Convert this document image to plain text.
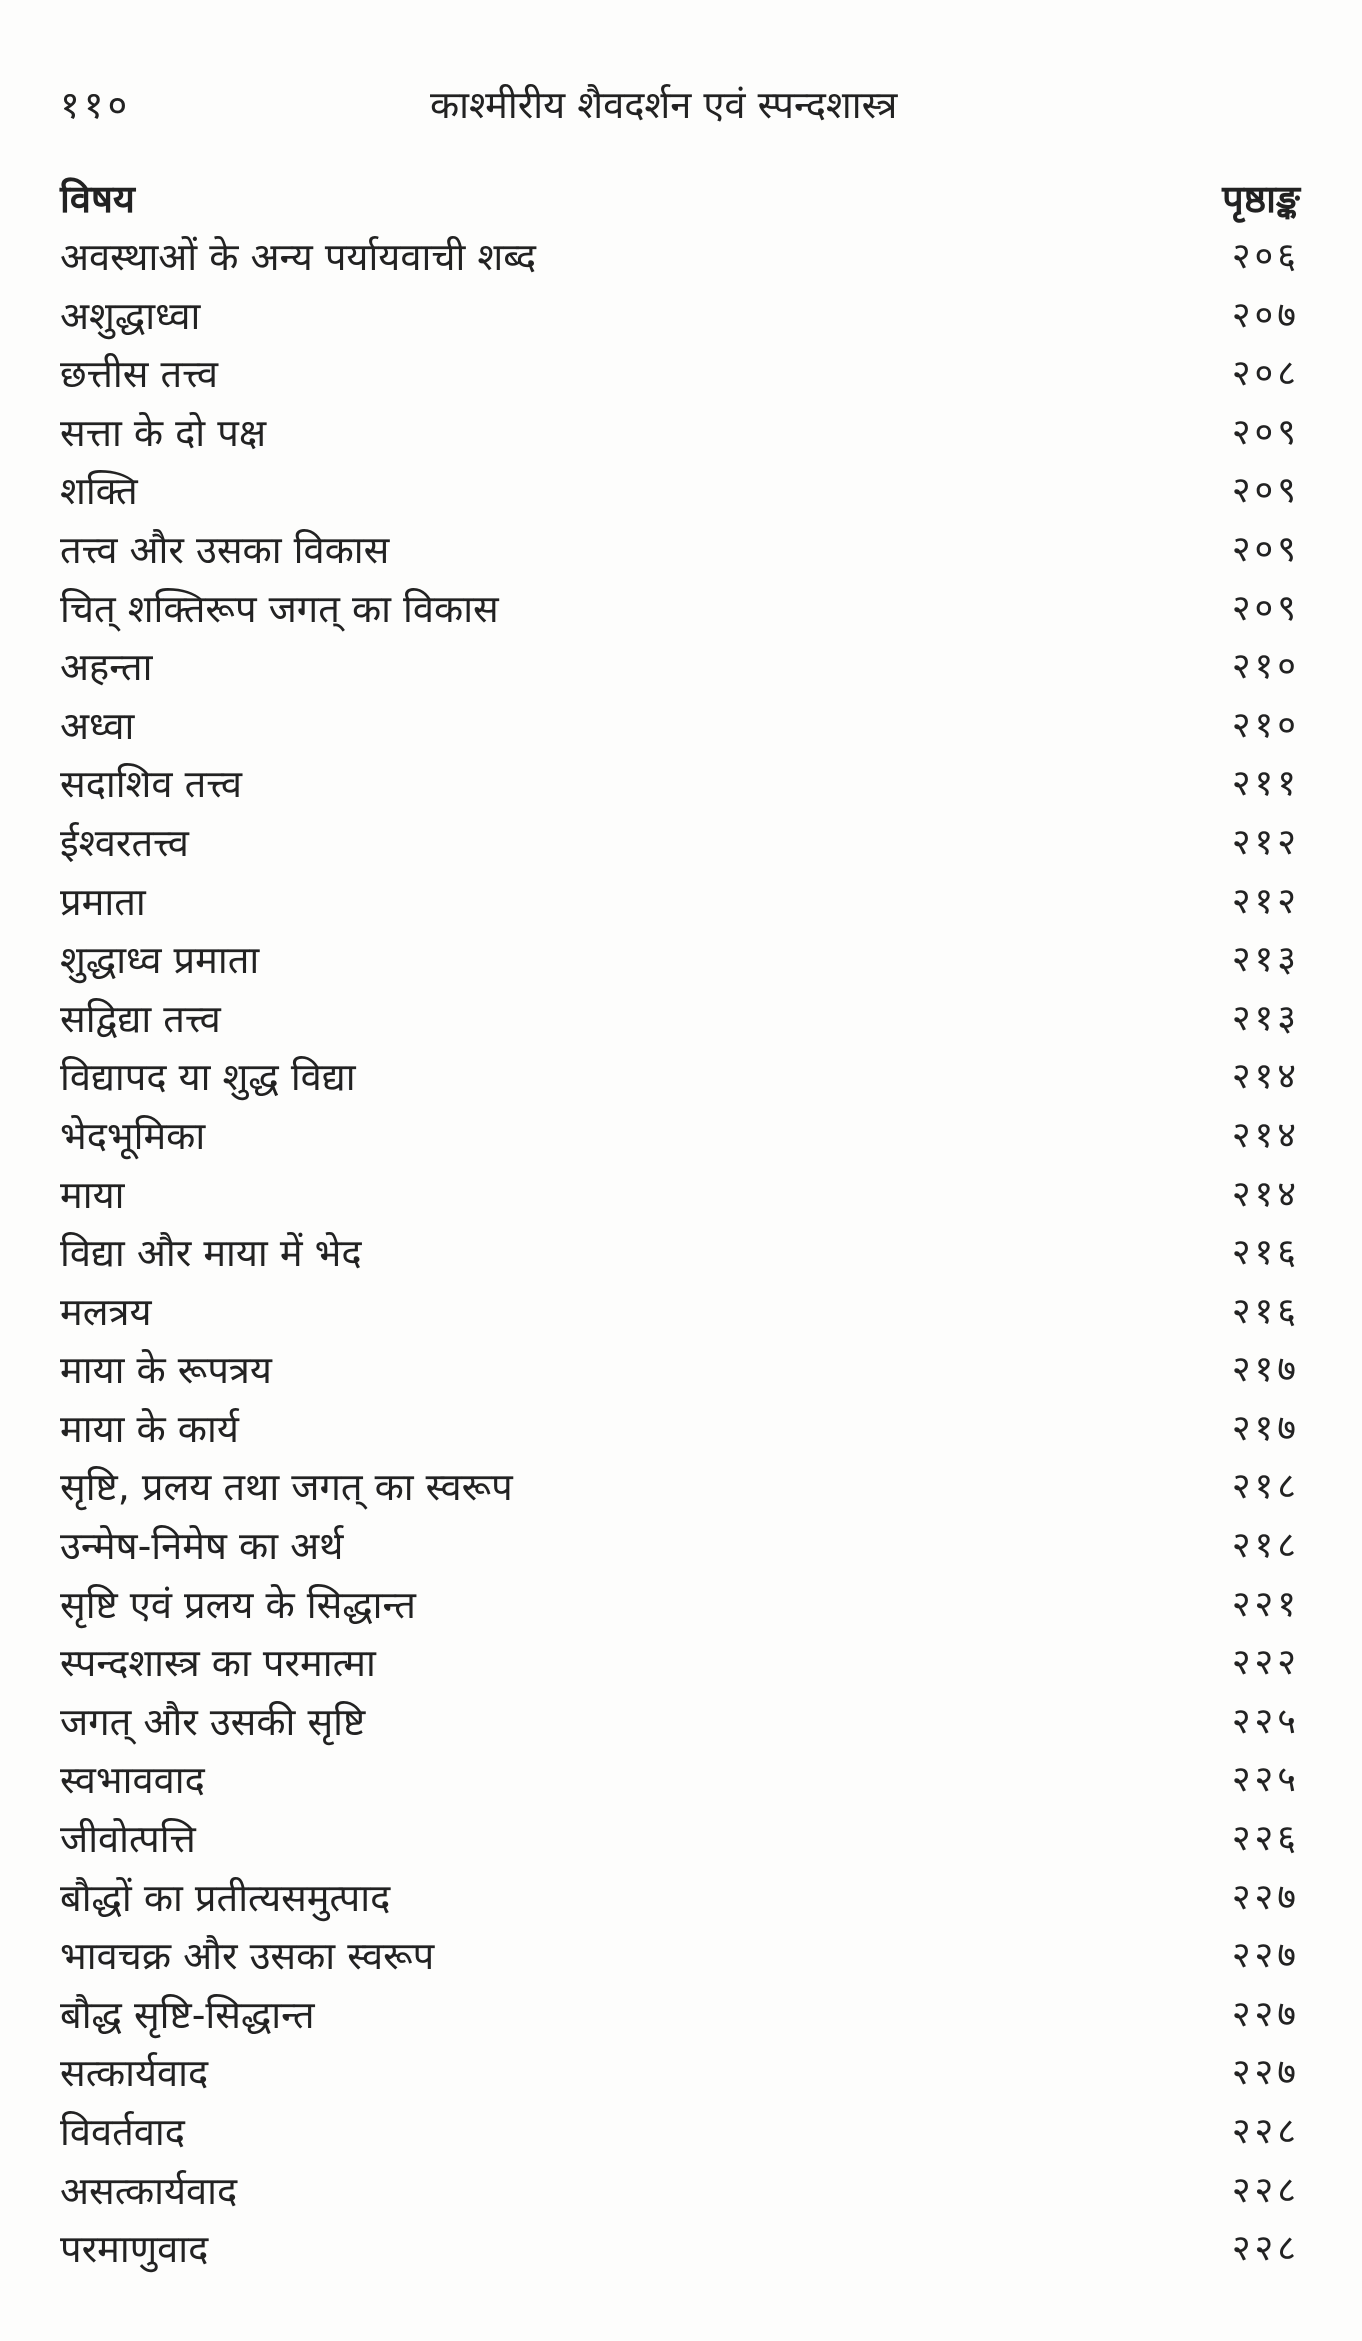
११०	काश्मीरीय शैवदर्शन एवं स्पन्दशास्त्र
विषय	पृष्ठाङ्क
अवस्थाओं के अन्य पर्यायवाची शब्द	२०६
अशुद्धाध्वा	२०७
छत्तीस तत्त्व	२०८
सत्ता के दो पक्ष	२०९
शक्ति	२०९
तत्त्व और उसका विकास	२०९
चित् शक्तिरूप जगत् का विकास	२०९
अहन्ता	२१०
अध्वा	२१०
सदाशिव तत्त्व	२११
ईश्वरतत्त्व	२१२
प्रमाता	२१२
शुद्धाध्व प्रमाता	२१३
सद्विद्या तत्त्व	२१३
विद्यापद या शुद्ध विद्या	२१४
भेदभूमिका	२१४
माया	२१४
विद्या और माया में भेद	२१६
मलत्रय	२१६
माया के रूपत्रय	२१७
माया के कार्य	२१७
सृष्टि, प्रलय तथा जगत् का स्वरूप	२१८
उन्मेष-निमेष का अर्थ	२१८
सृष्टि एवं प्रलय के सिद्धान्त	२२१
स्पन्दशास्त्र का परमात्मा	२२२
जगत् और उसकी सृष्टि	२२५
स्वभाववाद	२२५
जीवोत्पत्ति	२२६
बौद्धों का प्रतीत्यसमुत्पाद	२२७
भावचक्र और उसका स्वरूप	२२७
बौद्ध सृष्टि-सिद्धान्त	२२७
सत्कार्यवाद	२२७
विवर्तवाद	२२८
असत्कार्यवाद	२२८
परमाणुवाद	२२८
